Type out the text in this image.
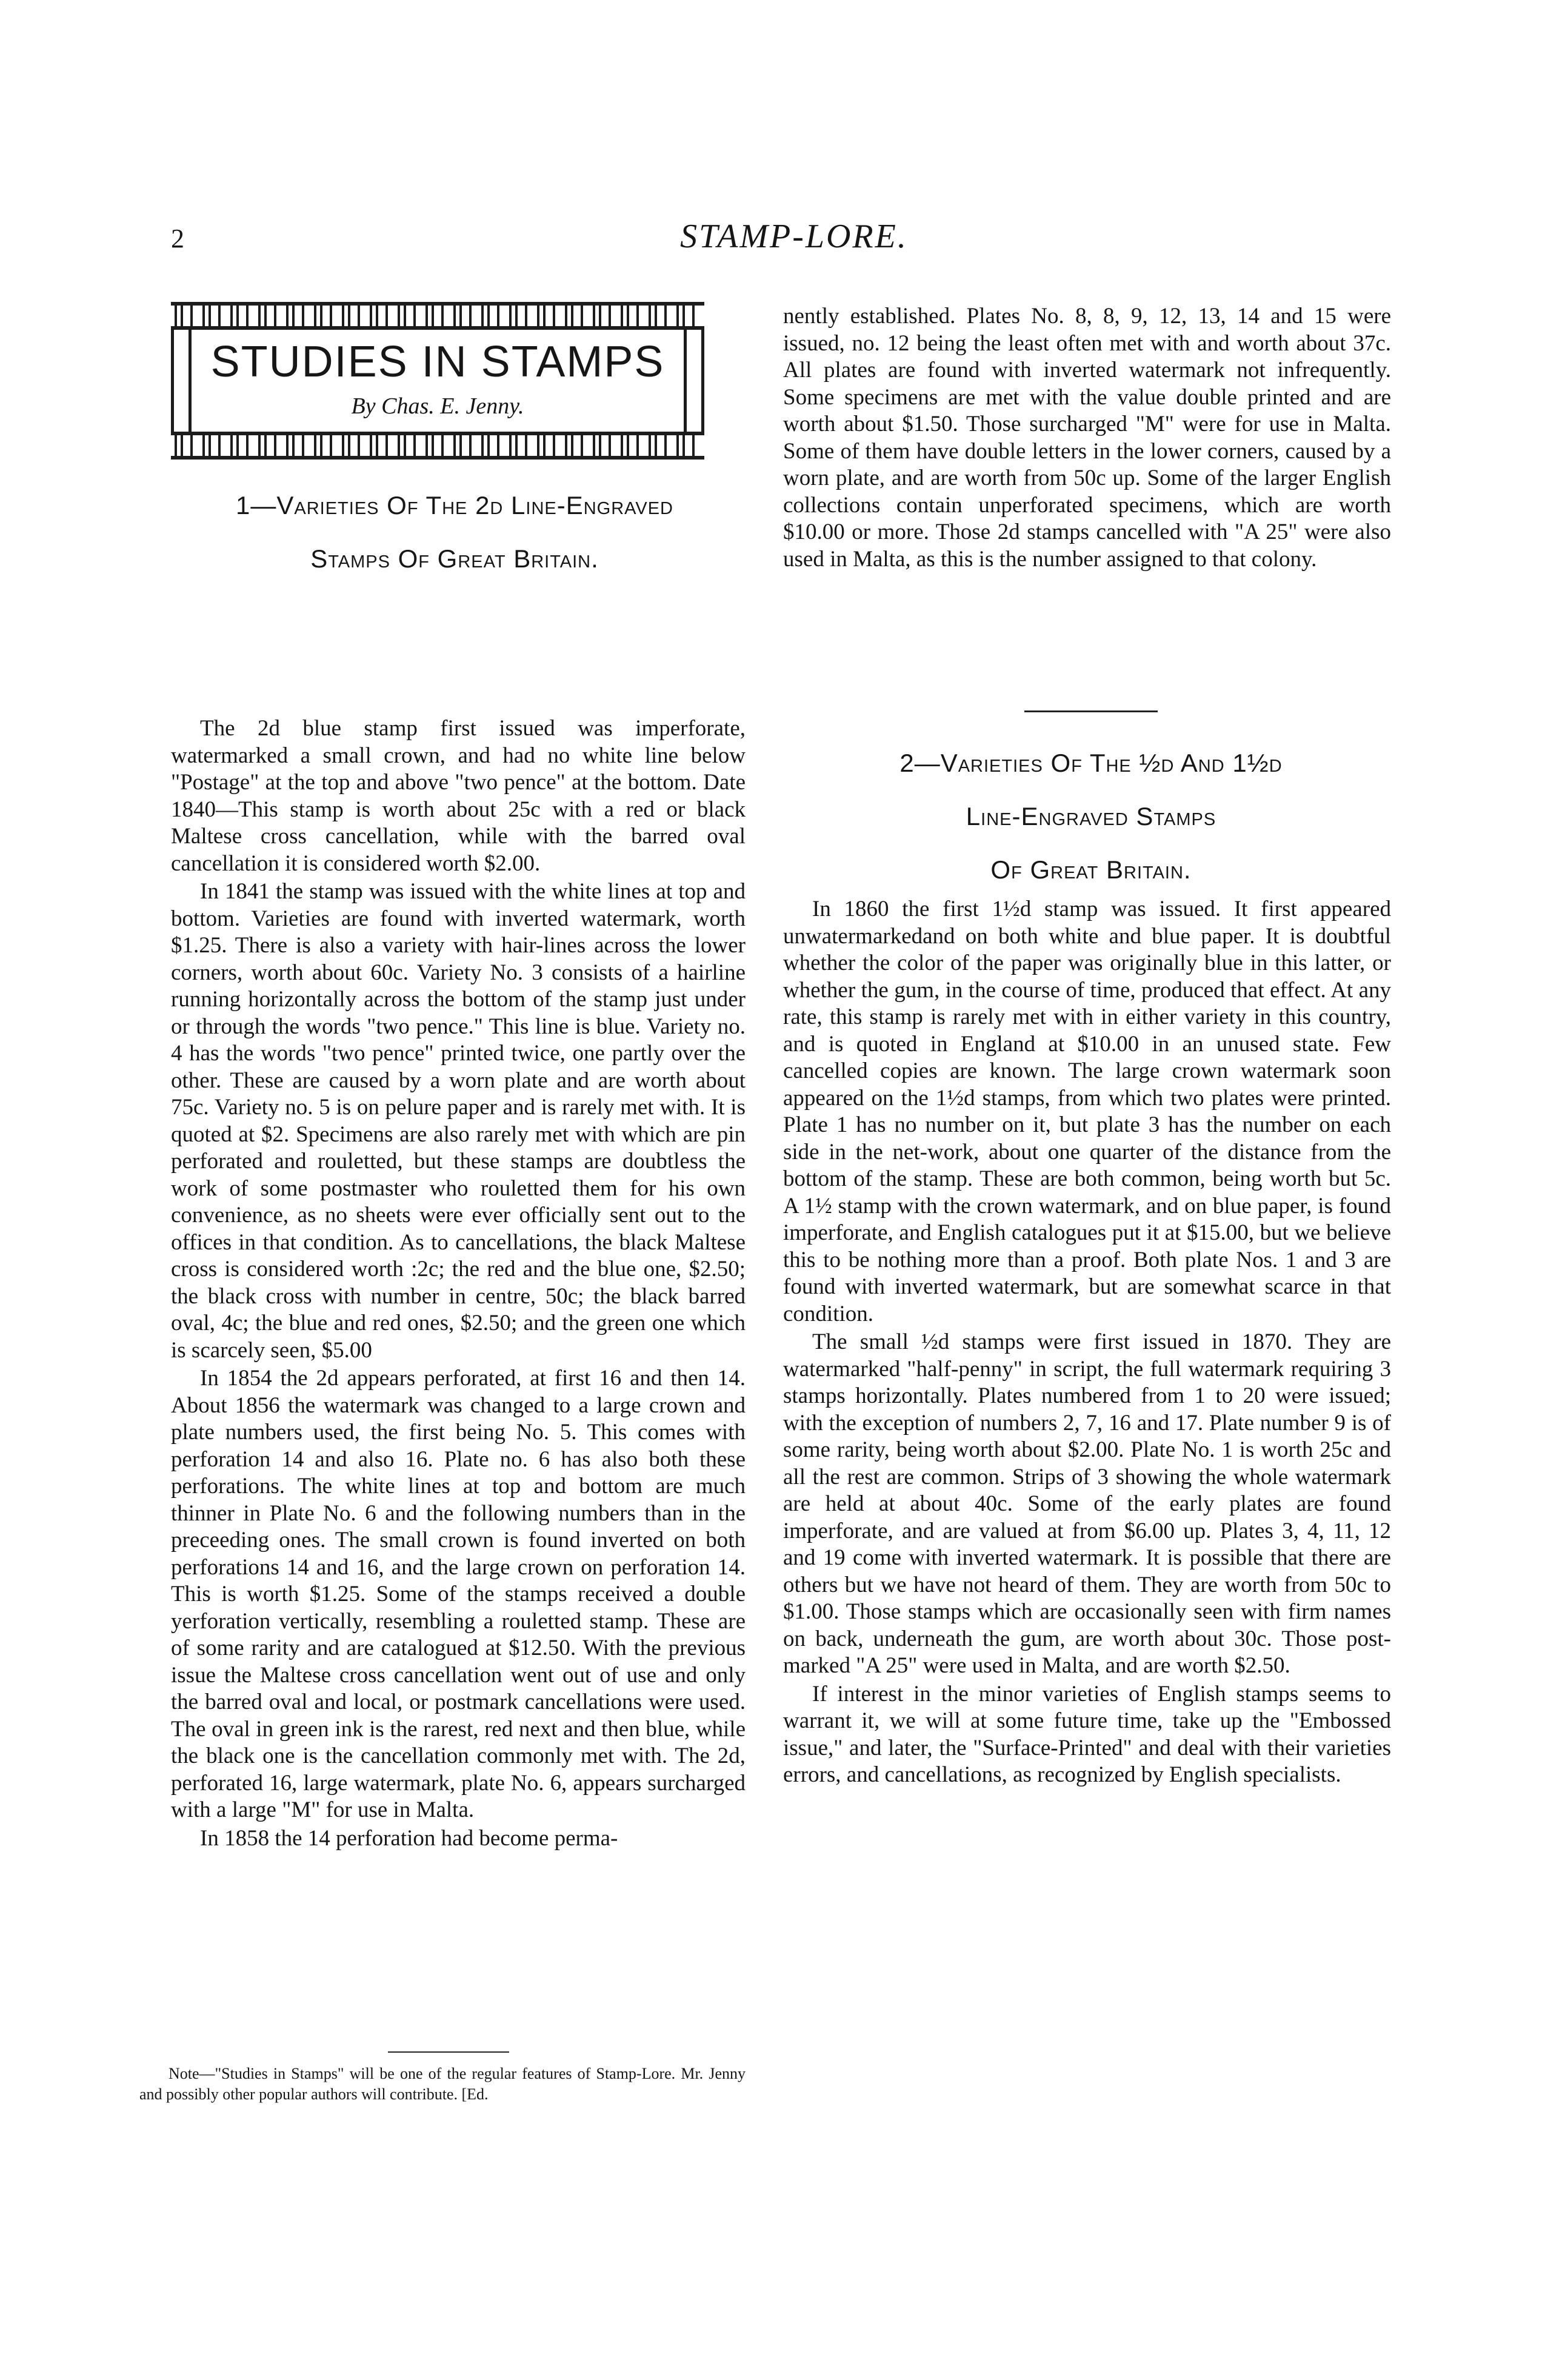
2	STAMP-LORE.
STUDIES IN STAMPS
By Chas. E. Jenny.
1—Varieties Of The 2d Line-Engraved
Stamps Of Great Britain.

The 2d blue stamp first issued was imperforate, watermarked a small crown, and had no white line below "Postage" at the top and above "two pence" at the bottom. Date 1840—This stamp is worth about 25c with a red or black Maltese cross cancellation, while with the barred oval cancellation it is considered worth $2.00.

In 1841 the stamp was issued with the white lines at top and bottom. Varieties are found with inverted watermark, worth $1.25. There is also a variety with hair-lines across the lower corners, worth about 60c. Variety No. 3 consists of a hairline running horizontally across the bottom of the stamp just under or through the words "two pence." This line is blue. Variety no. 4 has the words "two pence" printed twice, one partly over the other. These are caused by a worn plate and are worth about 75c. Variety no. 5 is on pelure paper and is rarely met with. It is quoted at $2. Specimens are also rarely met with which are pin perforated and rouletted, but these stamps are doubtless the work of some postmaster who rouletted them for his own convenience, as no sheets were ever officially sent out to the offices in that condition. As to cancellations, the black Maltese cross is considered worth :2c; the red and the blue one, $2.50; the black cross with number in centre, 50c; the black barred oval, 4c; the blue and red ones, $2.50; and the green one which is scarcely seen, $5.00

In 1854 the 2d appears perforated, at first 16 and then 14. About 1856 the watermark was changed to a large crown and plate numbers used, the first being No. 5. This comes with perforation 14 and also 16. Plate no. 6 has also both these perforations. The white lines at top and bottom are much thinner in Plate No. 6 and the following numbers than in the preceeding ones. The small crown is found inverted on both perforations 14 and 16, and the large crown on perforation 14. This is worth $1.25. Some of the stamps received a double yerforation vertically, resembling a rouletted stamp. These are of some rarity and are catalogued at $12.50. With the previous issue the Maltese cross cancellation went out of use and only the barred oval and local, or postmark cancellations were used. The oval in green ink is the rarest, red next and then blue, while the black one is the cancellation commonly met with. The 2d, perforated 16, large watermark, plate No. 6, appears surcharged with a large "M" for use in Malta.

In 1858 the 14 perforation had become perma-

Note—"Studies in Stamps" will be one of the regular features of Stamp-Lore. Mr. Jenny and possibly other popular authors will contribute. [Ed.

nently established. Plates No. 8, 8, 9, 12, 13, 14 and 15 were issued, no. 12 being the least often met with and worth about 37c. All plates are found with inverted watermark not infrequently. Some specimens are met with the value double printed and are worth about $1.50. Those surcharged "M" were for use in Malta. Some of them have double letters in the lower corners, caused by a worn plate, and are worth from 50c up. Some of the larger English collections contain unperforated specimens, which are worth $10.00 or more. Those 2d stamps cancelled with "A 25" were also used in Malta, as this is the number assigned to that colony.

2—Varieties Of The ½d And 1½d
Line-Engraved Stamps
Of Great Britain.

In 1860 the first 1½d stamp was issued. It first appeared unwatermarkedand on both white and blue paper. It is doubtful whether the color of the paper was originally blue in this latter, or whether the gum, in the course of time, produced that effect. At any rate, this stamp is rarely met with in either variety in this country, and is quoted in England at $10.00 in an unused state. Few cancelled copies are known. The large crown watermark soon appeared on the 1½d stamps, from which two plates were printed. Plate 1 has no number on it, but plate 3 has the number on each side in the net-work, about one quarter of the distance from the bottom of the stamp. These are both common, being worth but 5c. A 1½ stamp with the crown watermark, and on blue paper, is found imperforate, and English catalogues put it at $15.00, but we believe this to be nothing more than a proof. Both plate Nos. 1 and 3 are found with inverted watermark, but are somewhat scarce in that condition.

The small ½d stamps were first issued in 1870. They are watermarked "half-penny" in script, the full watermark requiring 3 stamps horizontally. Plates numbered from 1 to 20 were issued; with the exception of numbers 2, 7, 16 and 17. Plate number 9 is of some rarity, being worth about $2.00. Plate No. 1 is worth 25c and all the rest are common. Strips of 3 showing the whole watermark are held at about 40c. Some of the early plates are found imperforate, and are valued at from $6.00 up. Plates 3, 4, 11, 12 and 19 come with inverted watermark. It is possible that there are others but we have not heard of them. They are worth from 50c to $1.00. Those stamps which are occasionally seen with firm names on back, underneath the gum, are worth about 30c. Those post-marked "A 25" were used in Malta, and are worth $2.50.

If interest in the minor varieties of English stamps seems to warrant it, we will at some future time, take up the "Embossed issue," and later, the "Surface-Printed" and deal with their varieties errors, and cancellations, as recognized by English specialists.
